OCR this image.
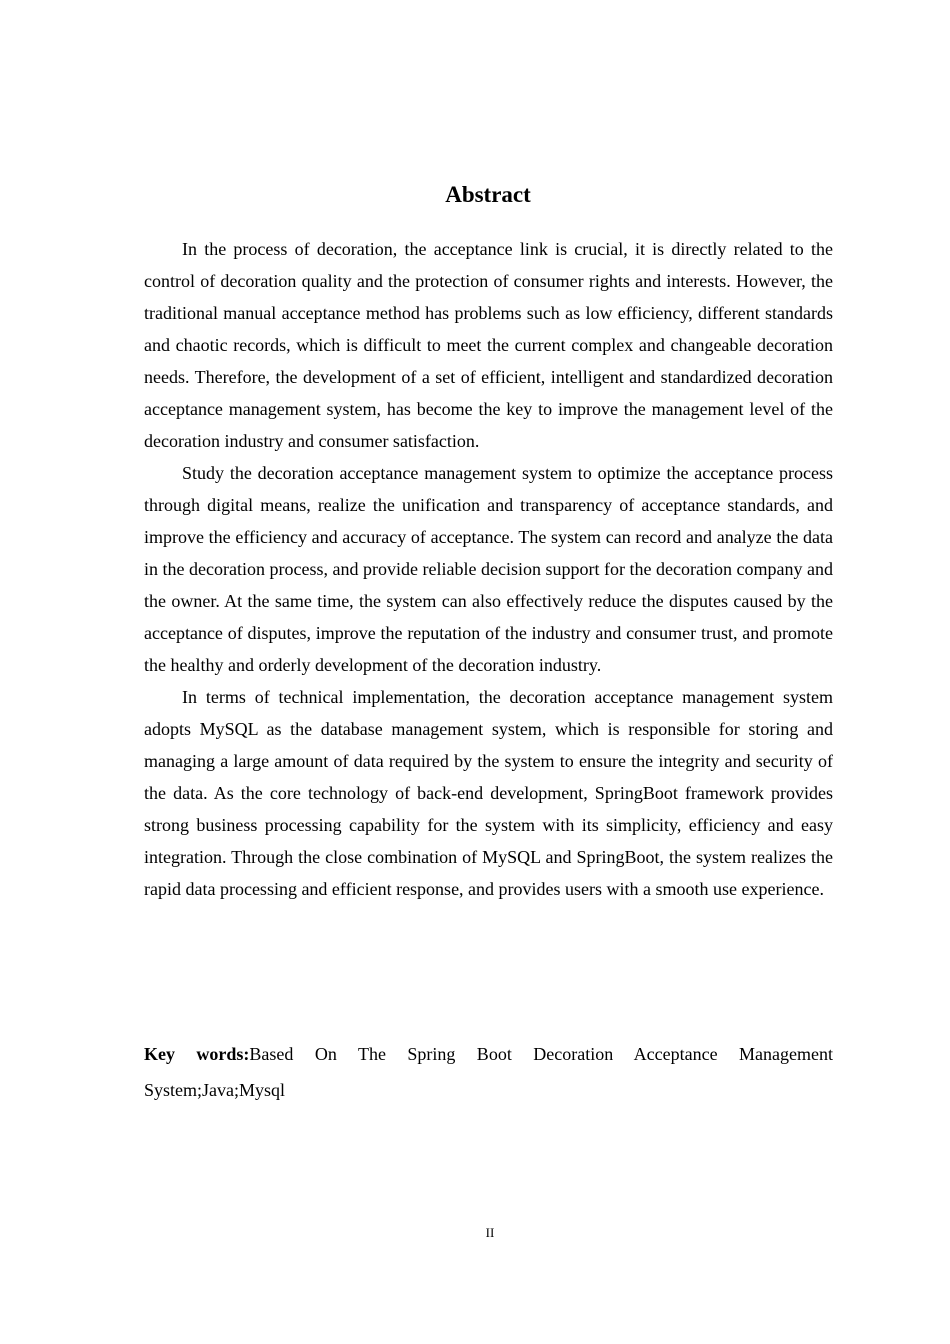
Abstract

In the process of decoration, the acceptance link is crucial, it is directly related to the control of decoration quality and the protection of consumer rights and interests. However, the traditional manual acceptance method has problems such as low efficiency, different standards and chaotic records, which is difficult to meet the current complex and changeable decoration needs. Therefore, the development of a set of efficient, intelligent and standardized decoration acceptance management system, has become the key to improve the management level of the decoration industry and consumer satisfaction.

Study the decoration acceptance management system to optimize the acceptance process through digital means, realize the unification and transparency of acceptance standards, and improve the efficiency and accuracy of acceptance. The system can record and analyze the data in the decoration process, and provide reliable decision support for the decoration company and the owner. At the same time, the system can also effectively reduce the disputes caused by the acceptance of disputes, improve the reputation of the industry and consumer trust, and promote the healthy and orderly development of the decoration industry.

In terms of technical implementation, the decoration acceptance management system adopts MySQL as the database management system, which is responsible for storing and managing a large amount of data required by the system to ensure the integrity and security of the data. As the core technology of back-end development, SpringBoot framework provides strong business processing capability for the system with its simplicity, efficiency and easy integration. Through the close combination of MySQL and SpringBoot, the system realizes the rapid data processing and efficient response, and provides users with a smooth use experience.

Key words:Based On The Spring Boot Decoration Acceptance Management System;Java;Mysql

II
